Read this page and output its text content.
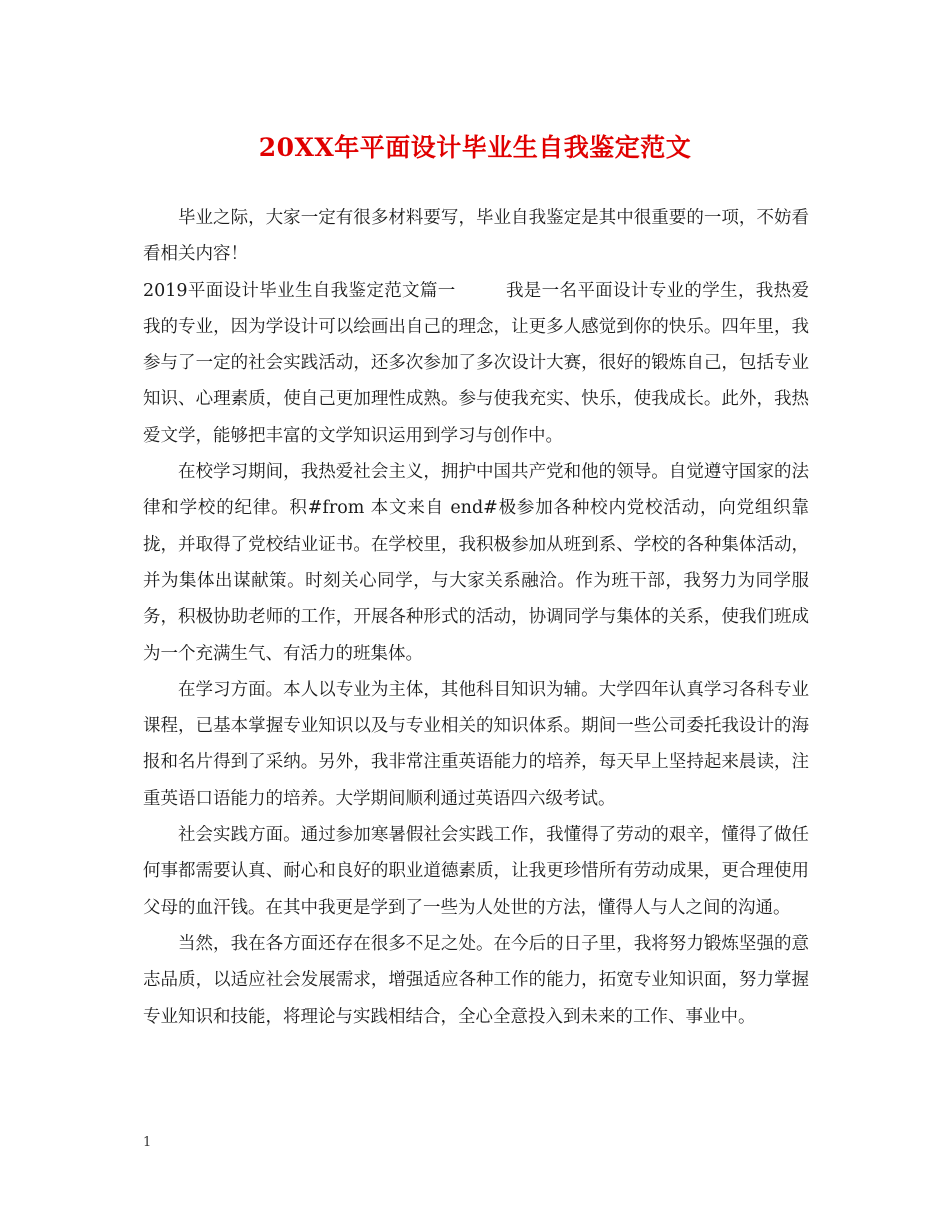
20XX年平面设计毕业生自我鉴定范文

毕业之际，大家一定有很多材料要写，毕业自我鉴定是其中很重要的一项，不妨看看相关内容！

2019平面设计毕业生自我鉴定范文篇一	我是一名平面设计专业的学生，我热爱我的专业，因为学设计可以绘画出自己的理念，让更多人感觉到你的快乐。四年里，我参与了一定的社会实践活动，还多次参加了多次设计大赛，很好的锻炼自己，包括专业知识、心理素质，使自己更加理性成熟。参与使我充实、快乐，使我成长。此外，我热爱文学，能够把丰富的文学知识运用到学习与创作中。

在校学习期间，我热爱社会主义，拥护中国共产党和他的领导。自觉遵守国家的法律和学校的纪律。积#from 本文来自 end#极参加各种校内党校活动，向党组织靠拢，并取得了党校结业证书。在学校里，我积极参加从班到系、学校的各种集体活动，并为集体出谋献策。时刻关心同学，与大家关系融洽。作为班干部，我努力为同学服务，积极协助老师的工作，开展各种形式的活动，协调同学与集体的关系，使我们班成为一个充满生气、有活力的班集体。

在学习方面。本人以专业为主体，其他科目知识为辅。大学四年认真学习各科专业课程，已基本掌握专业知识以及与专业相关的知识体系。期间一些公司委托我设计的海报和名片得到了采纳。另外，我非常注重英语能力的培养，每天早上坚持起来晨读，注重英语口语能力的培养。大学期间顺利通过英语四六级考试。

社会实践方面。通过参加寒暑假社会实践工作，我懂得了劳动的艰辛，懂得了做任何事都需要认真、耐心和良好的职业道德素质，让我更珍惜所有劳动成果，更合理使用父母的血汗钱。在其中我更是学到了一些为人处世的方法，懂得人与人之间的沟通。

当然，我在各方面还存在很多不足之处。在今后的日子里，我将努力锻炼坚强的意志品质，以适应社会发展需求，增强适应各种工作的能力，拓宽专业知识面，努力掌握专业知识和技能，将理论与实践相结合，全心全意投入到未来的工作、事业中。

1
